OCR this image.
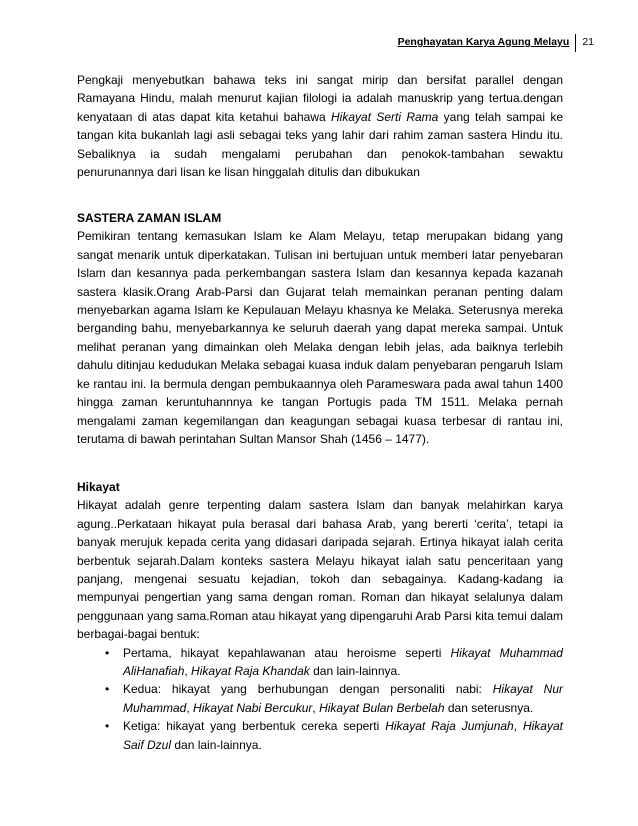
Penghayatan Karya Agung Melayu	21

Pengkaji menyebutkan bahawa teks ini sangat mirip dan bersifat parallel dengan Ramayana Hindu, malah menurut kajian filologi ia adalah manuskrip yang tertua.dengan kenyataan di atas dapat kita ketahui bahawa Hikayat Serti Rama yang telah sampai ke tangan kita bukanlah lagi asli sebagai teks yang lahir dari rahim zaman sastera Hindu itu. Sebaliknya ia sudah mengalami perubahan dan penokok-tambahan sewaktu penurunannya dari lisan ke lisan hinggalah ditulis dan dibukukan

SASTERA ZAMAN ISLAM

Pemikiran tentang kemasukan Islam ke Alam Melayu, tetap merupakan bidang yang sangat menarik untuk diperkatakan. Tulisan ini bertujuan untuk memberi latar penyebaran Islam dan kesannya pada perkembangan sastera Islam dan kesannya kepada kazanah sastera klasik.Orang Arab-Parsi dan Gujarat telah memainkan peranan penting dalam menyebarkan agama Islam ke Kepulauan Melayu khasnya ke Melaka. Seterusnya mereka berganding bahu, menyebarkannya ke seluruh daerah yang dapat mereka sampai. Untuk melihat peranan yang dimainkan oleh Melaka dengan lebih jelas, ada baiknya terlebih dahulu ditinjau kedudukan Melaka sebagai kuasa induk dalam penyebaran pengaruh Islam ke rantau ini. Ia bermula dengan pembukaannya oleh Parameswara pada awal tahun 1400 hingga zaman keruntuhannnya ke tangan Portugis pada TM 1511. Melaka pernah mengalami zaman kegemilangan dan keagungan sebagai kuasa terbesar di rantau ini, terutama di bawah perintahan Sultan Mansor Shah (1456 – 1477).

Hikayat

Hikayat adalah genre terpenting dalam sastera Islam dan banyak melahirkan karya agung..Perkataan hikayat pula berasal dari bahasa Arab, yang bererti ‘cerita’, tetapi ia banyak merujuk kepada cerita yang didasari daripada sejarah. Ertinya hikayat ialah cerita berbentuk sejarah.Dalam konteks sastera Melayu hikayat ialah satu penceritaan yang panjang, mengenai sesuatu kejadian, tokoh dan sebagainya. Kadang-kadang ia mempunyai pengertian yang sama dengan roman. Roman dan hikayat selalunya dalam penggunaan yang sama.Roman atau hikayat yang dipengaruhi Arab Parsi kita temui dalam berbagai-bagai bentuk:

• Pertama, hikayat kepahlawanan atau heroisme seperti Hikayat Muhammad AliHanafiah, Hikayat Raja Khandak dan lain-lainnya.
• Kedua: hikayat yang berhubungan dengan personaliti nabi: Hikayat Nur Muhammad, Hikayat Nabi Bercukur, Hikayat Bulan Berbelah dan seterusnya.
• Ketiga: hikayat yang berbentuk cereka seperti Hikayat Raja Jumjunah, Hikayat Saif Dzul dan lain-lainnya.
